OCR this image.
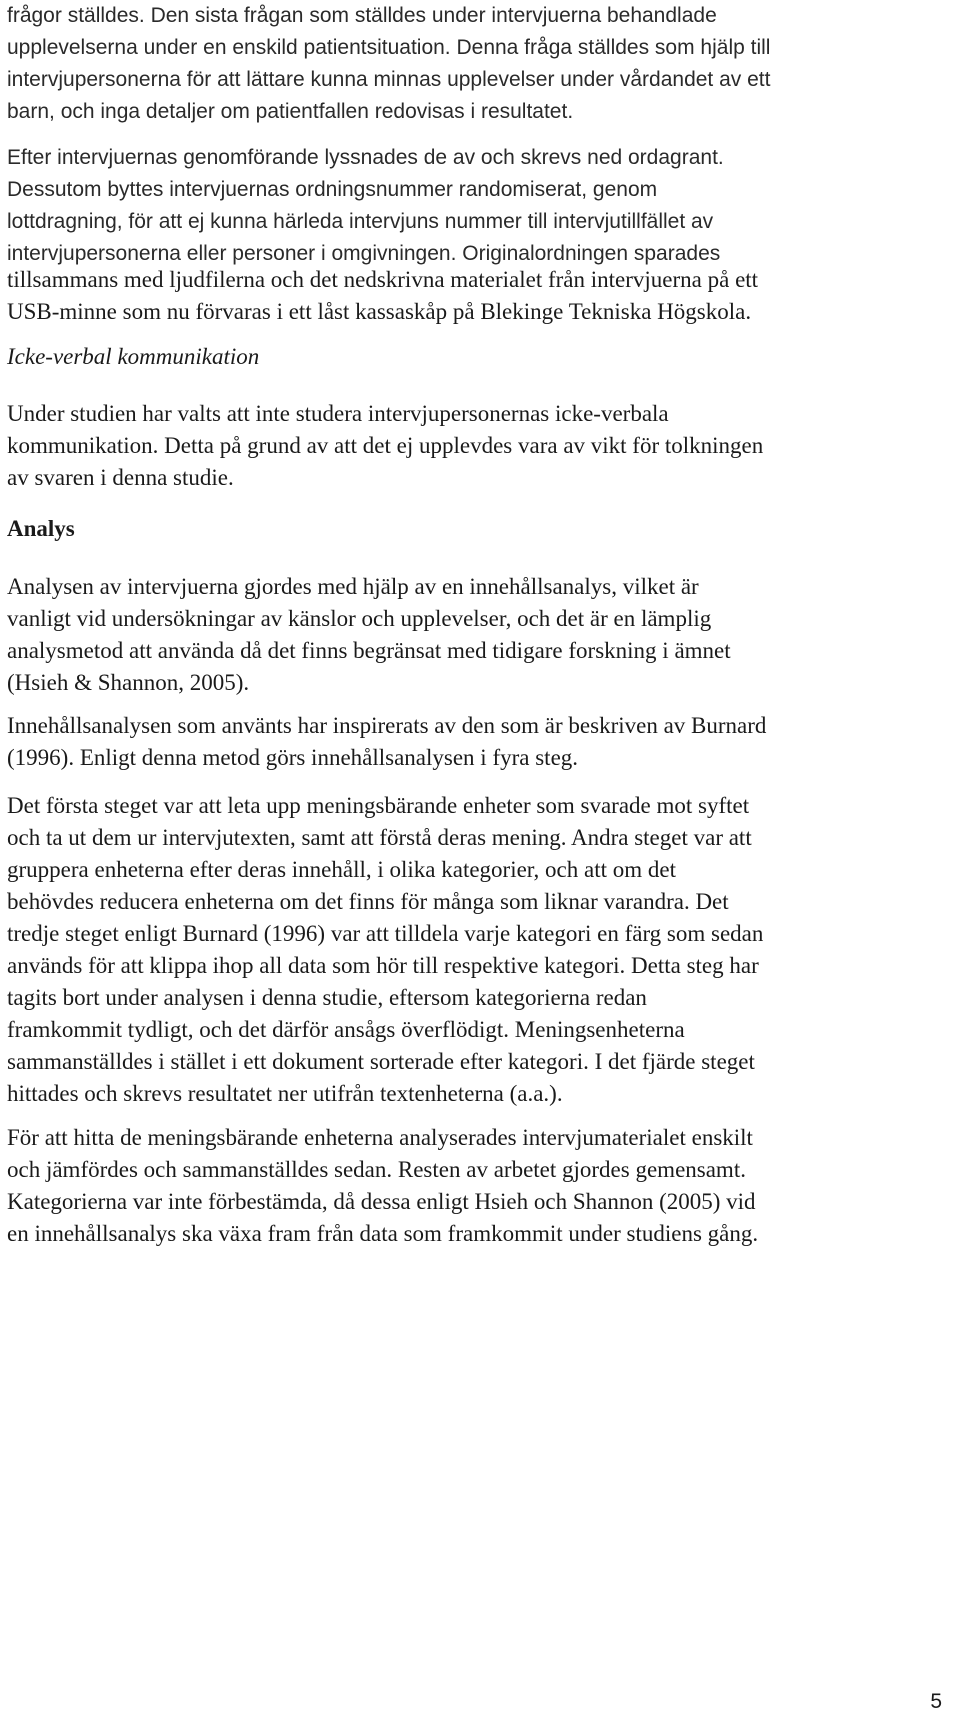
frågor ställdes. Den sista frågan som ställdes under intervjuerna behandlade
upplevelserna under en enskild patientsituation. Denna fråga ställdes som hjälp till
intervjupersonerna för att lättare kunna minnas upplevelser under vårdandet av ett
barn, och inga detaljer om patientfallen redovisas i resultatet.

Efter intervjuernas genomförande lyssnades de av och skrevs ned ordagrant.
Dessutom byttes intervjuernas ordningsnummer randomiserat, genom
lottdragning, för att ej kunna härleda intervjuns nummer till intervjutillfället av
intervjupersonerna eller personer i omgivningen. Originalordningen sparades

tillsammans med ljudfilerna och det nedskrivna materialet från intervjuerna på ett
USB-minne som nu förvaras i ett låst kassaskåp på Blekinge Tekniska Högskola.

Icke-verbal kommunikation

Under studien har valts att inte studera intervjupersonernas icke-verbala
kommunikation. Detta på grund av att det ej upplevdes vara av vikt för tolkningen
av svaren i denna studie.

Analys

Analysen av intervjuerna gjordes med hjälp av en innehållsanalys, vilket är
vanligt vid undersökningar av känslor och upplevelser, och det är en lämplig
analysmetod att använda då det finns begränsat med tidigare forskning i ämnet
(Hsieh & Shannon, 2005).

Innehållsanalysen som använts har inspirerats av den som är beskriven av Burnard
(1996). Enligt denna metod görs innehållsanalysen i fyra steg.

Det första steget var att leta upp meningsbärande enheter som svarade mot syftet
och ta ut dem ur intervjutexten, samt att förstå deras mening. Andra steget var att
gruppera enheterna efter deras innehåll, i olika kategorier, och att om det
behövdes reducera enheterna om det finns för många som liknar varandra. Det
tredje steget enligt Burnard (1996) var att tilldela varje kategori en färg som sedan
används för att klippa ihop all data som hör till respektive kategori. Detta steg har
tagits bort under analysen i denna studie, eftersom kategorierna redan
framkommit tydligt, och det därför ansågs överflödigt. Meningsenheterna
sammanställdes i stället i ett dokument sorterade efter kategori. I det fjärde steget
hittades och skrevs resultatet ner utifrån textenheterna (a.a.).

För att hitta de meningsbärande enheterna analyserades intervjumaterialet enskilt
och jämfördes och sammanställdes sedan. Resten av arbetet gjordes gemensamt.
Kategorierna var inte förbestämda, då dessa enligt Hsieh och Shannon (2005) vid
en innehållsanalys ska växa fram från data som framkommit under studiens gång.

5
